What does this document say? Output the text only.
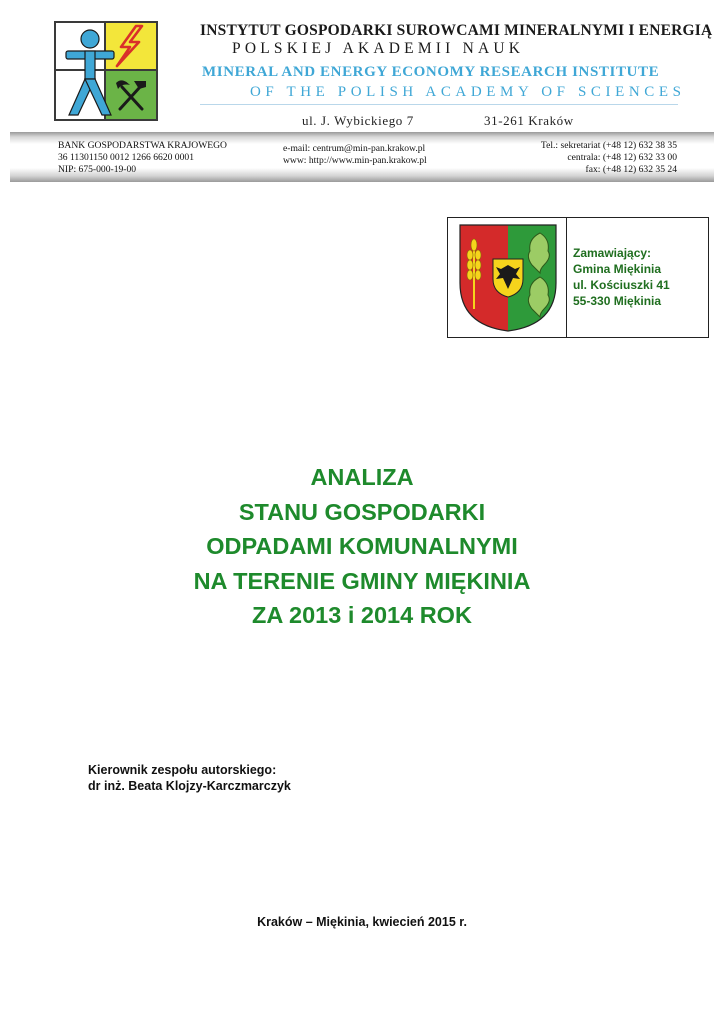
INSTYTUT GOSPODARKI SUROWCAMI MINERALNYMI I ENERGIĄ
POLSKIEJ AKADEMII NAUK
MINERAL AND ENERGY ECONOMY RESEARCH INSTITUTE
OF THE POLISH ACADEMY OF SCIENCES
ul. J. Wybickiego 7	31-261 Kraków
BANK GOSPODARSTWA KRAJOWEGO
36 11301150 0012 1266 6620 0001
NIP: 675-000-19-00
e-mail: centrum@min-pan.krakow.pl
www: http://www.min-pan.krakow.pl
Tel.: sekretariat (+48 12) 632 38 35
centrala: (+48 12) 632 33 00
fax: (+48 12) 632 35 24
Zamawiający:
Gmina Miękinia
ul. Kościuszki 41
55-330 Miękinia
ANALIZA
STANU GOSPODARKI
ODPADAMI KOMUNALNYMI
NA TERENIE GMINY MIĘKINIA
ZA 2013 i 2014 ROK
Kierownik zespołu autorskiego:
dr inż. Beata Klojzy-Karczmarczyk
Kraków – Miękinia, kwiecień 2015 r.
